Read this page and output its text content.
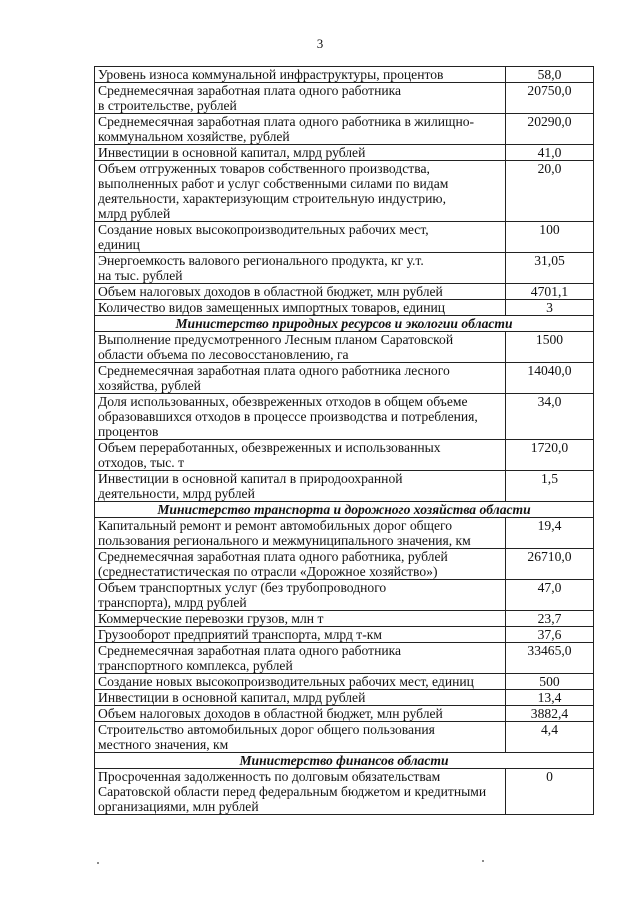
3
Уровень износа коммунальной инфраструктуры, процентов	58,0
Среднемесячная заработная плата одного работника
в строительстве, рублей	20750,0
Среднемесячная заработная плата одного работника в жилищно-
коммунальном хозяйстве, рублей	20290,0
Инвестиции в основной капитал, млрд рублей	41,0
Объем отгруженных товаров собственного производства,
выполненных работ и услуг собственными силами по видам
деятельности, характеризующим строительную индустрию,
млрд рублей	20,0
Создание новых высокопроизводительных рабочих мест,
единиц	100
Энергоемкость валового регионального продукта, кг у.т.
на тыс. рублей	31,05
Объем налоговых доходов в областной бюджет, млн рублей	4701,1
Количество видов замещенных импортных товаров, единиц	3
Министерство природных ресурсов и экологии области	
Выполнение предусмотренного Лесным планом Саратовской
области объема по лесовосстановлению, га	1500
Среднемесячная заработная плата одного работника лесного
хозяйства, рублей	14040,0
Доля использованных, обезвреженных отходов в общем объеме
образовавшихся отходов в процессе производства и потребления,
процентов	34,0
Объем переработанных, обезвреженных и использованных
отходов, тыс. т	1720,0
Инвестиции в основной капитал в природоохранной
деятельности, млрд рублей	1,5
Министерство транспорта и дорожного хозяйства области	
Капитальный ремонт и ремонт автомобильных дорог общего
пользования регионального и межмуниципального значения, км	19,4
Среднемесячная заработная плата одного работника, рублей
(среднестатистическая по отрасли «Дорожное хозяйство»)	26710,0
Объем транспортных услуг (без трубопроводного
транспорта), млрд рублей	47,0
Коммерческие перевозки грузов, млн т	23,7
Грузооборот предприятий транспорта, млрд т-км	37,6
Среднемесячная заработная плата одного работника
транспортного комплекса, рублей	33465,0
Создание новых высокопроизводительных рабочих мест, единиц	500
Инвестиции в основной капитал, млрд рублей	13,4
Объем налоговых доходов в областной бюджет, млн рублей	3882,4
Строительство автомобильных дорог общего пользования
местного значения, км	4,4
Министерство финансов области	
Просроченная задолженность по долговым обязательствам
Саратовской области перед федеральным бюджетом и кредитными
организациями, млн рублей	0
